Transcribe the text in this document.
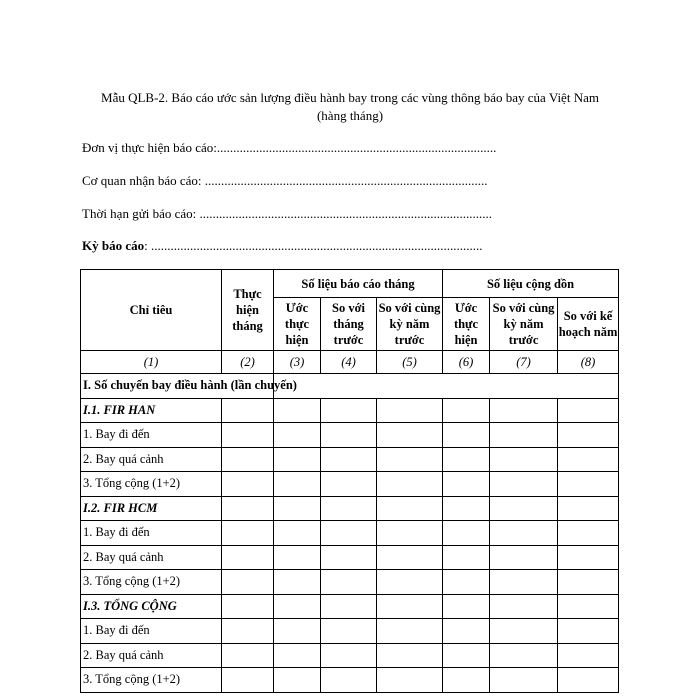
Mẫu QLB-2. Báo cáo ước sản lượng điều hành bay trong các vùng thông báo bay của Việt Nam
(hàng tháng)
Đơn vị thực hiện báo cáo:......................................................................................
Cơ quan nhận báo cáo: .......................................................................................
Thời hạn gửi báo cáo: ..........................................................................................
Kỳ báo cáo: ......................................................................................................
Chỉ tiêu	Thực hiện tháng	Số liệu báo cáo tháng			Số liệu cộng dồn		
		Ước thực hiện	So với tháng trước	So với cùng kỳ năm trước	Ước thực hiện	So với cùng kỳ năm trước	So với kế hoạch năm
(1)	(2)	(3)	(4)	(5)	(6)	(7)	(8)
I. Số chuyến bay điều hành (lần chuyến)							
I.1. FIR HAN							
1. Bay đi đến							
2. Bay quá cảnh							
3. Tổng cộng (1+2)							
I.2. FIR HCM							
1. Bay đi đến							
2. Bay quá cảnh							
3. Tổng cộng (1+2)							
I.3. TỔNG CỘNG							
1. Bay đi đến							
2. Bay quá cảnh							
3. Tổng cộng (1+2)							
